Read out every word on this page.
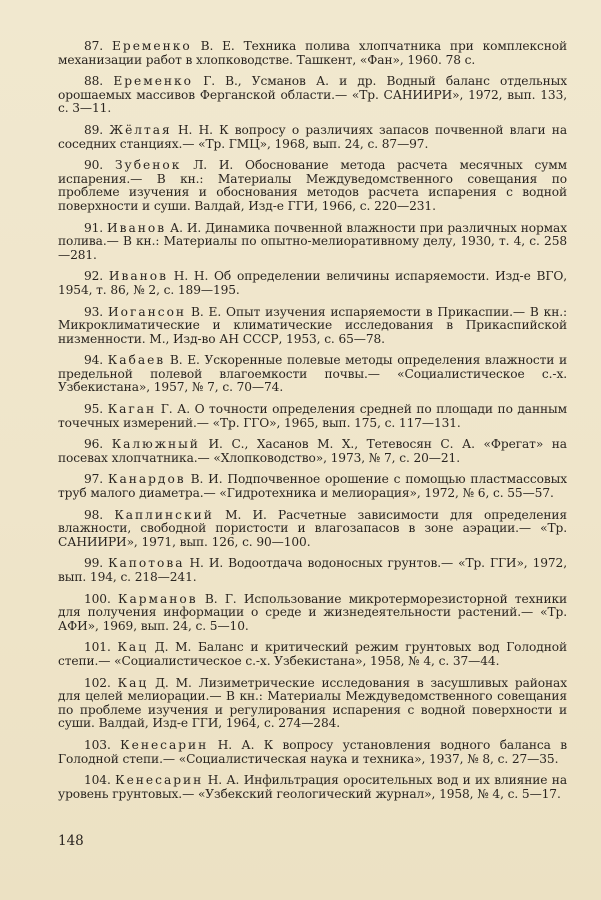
87. Еременко В. Е. Техника полива хлопчатника при комплексной механизации работ в хлопководстве. Ташкент, «Фан», 1960. 78 с.

88. Еременко Г. В., Усманов А. и др. Водный баланс отдельных орошаемых массивов Ферганской области.— «Тр. САНИИРИ», 1972, вып. 133, с. 3—11.

89. Жёлтая Н. Н. К вопросу о различиях запасов почвенной влаги на соседних станциях.— «Тр. ГМЦ», 1968, вып. 24, с. 87—97.

90. Зубенок Л. И. Обоснование метода расчета месячных сумм испарения.— В кн.: Материалы Междуведомственного совещания по проблеме изучения и обоснования методов расчета испарения с водной поверхности и суши. Валдай, Изд-е ГГИ, 1966, с. 220—231.

91. Иванов А. И. Динамика почвенной влажности при различных нормах полива.— В кн.: Материалы по опытно-мелиоративному делу, 1930, т. 4, с. 258—281.

92. Иванов Н. Н. Об определении величины испаряемости. Изд-е ВГО, 1954, т. 86, № 2, с. 189—195.

93. Иогансон В. Е. Опыт изучения испаряемости в Прикаспии.— В кн.: Микроклиматические и климатические исследования в Прикаспийской низменности. М., Изд-во АН СССР, 1953, с. 65—78.

94. Кабаев В. Е. Ускоренные полевые методы определения влажности и предельной полевой влагоемкости почвы.— «Социалистическое с.-х. Узбекистана», 1957, № 7, с. 70—74.

95. Каган Г. А. О точности определения средней по площади по данным точечных измерений.— «Тр. ГГО», 1965, вып. 175, с. 117—131.

96. Калюжный И. С., Хасанов М. Х., Тетевосян С. А. «Фрегат» на посевах хлопчатника.— «Хлопководство», 1973, № 7, с. 20—21.

97. Канардов В. И. Подпочвенное орошение с помощью пластмассовых труб малого диаметра.— «Гидротехника и мелиорация», 1972, № 6, с. 55—57.

98. Каплинский М. И. Расчетные зависимости для определения влажности, свободной пористости и влагозапасов в зоне аэрации.— «Тр. САНИИРИ», 1971, вып. 126, с. 90—100.

99. Капотова Н. И. Водоотдача водоносных грунтов.— «Тр. ГГИ», 1972, вып. 194, с. 218—241.

100. Карманов В. Г. Использование микротерморезисторной техники для получения информации о среде и жизнедеятельности растений.— «Тр. АФИ», 1969, вып. 24, с. 5—10.

101. Кац Д. М. Баланс и критический режим грунтовых вод Голодной степи.— «Социалистическое с.-х. Узбекистана», 1958, № 4, с. 37—44.

102. Кац Д. М. Лизиметрические исследования в засушливых районах для целей мелиорации.— В кн.: Материалы Междуведомственного совещания по проблеме изучения и регулирования испарения с водной поверхности и суши. Валдай, Изд-е ГГИ, 1964, с. 274—284.

103. Кенесарин Н. А. К вопросу установления водного баланса в Голодной степи.— «Социалистическая наука и техника», 1937, № 8, с. 27—35.

104. Кенесарин Н. А. Инфильтрация оросительных вод и их влияние на уровень грунтовых.— «Узбекский геологический журнал», 1958, № 4, с. 5—17.

148
